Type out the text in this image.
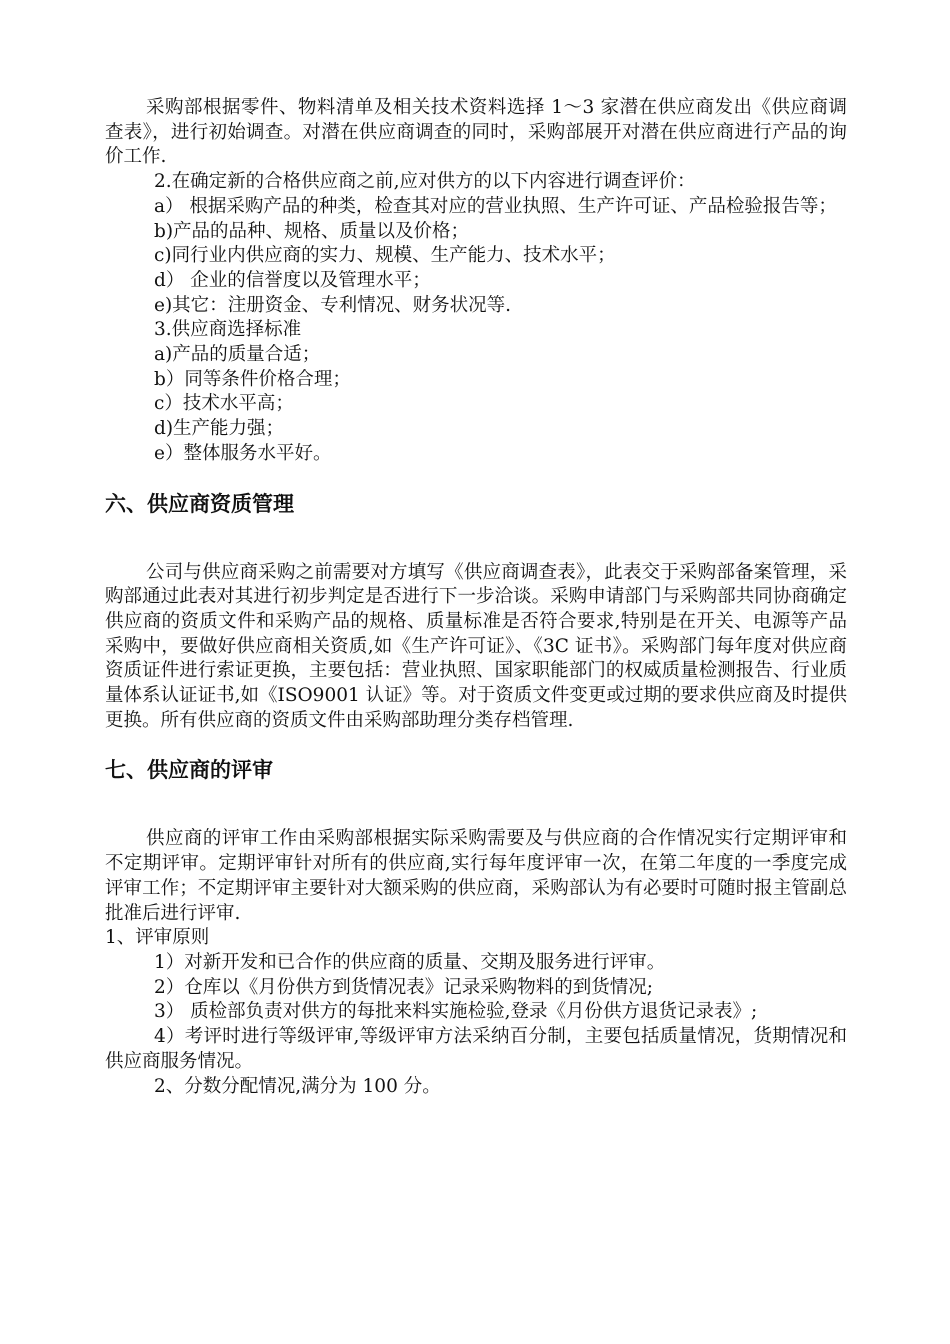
采购部根据零件、物料清单及相关技术资料选择 1～3 家潜在供应商发出《供应商调查表》，进行初始调查。对潜在供应商调查的同时，采购部展开对潜在供应商进行产品的询价工作.

2.在确定新的合格供应商之前,应对供方的以下内容进行调查评价：

a） 根据采购产品的种类，检查其对应的营业执照、生产许可证、产品检验报告等；

b)产品的品种、规格、质量以及价格；

c)同行业内供应商的实力、规模、生产能力、技术水平；

d） 企业的信誉度以及管理水平；

e)其它：注册资金、专利情况、财务状况等.

3.供应商选择标准

a)产品的质量合适；

b）同等条件价格合理；

c）技术水平高；

d)生产能力强；

e）整体服务水平好。

六、供应商资质管理

公司与供应商采购之前需要对方填写《供应商调查表》，此表交于采购部备案管理，采购部通过此表对其进行初步判定是否进行下一步洽谈。采购申请部门与采购部共同协商确定供应商的资质文件和采购产品的规格、质量标准是否符合要求,特别是在开关、电源等产品采购中，要做好供应商相关资质,如《生产许可证》、《3C 证书》。采购部门每年度对供应商资质证件进行索证更换，主要包括：营业执照、国家职能部门的权威质量检测报告、行业质量体系认证证书,如《ISO9001 认证》等。对于资质文件变更或过期的要求供应商及时提供更换。所有供应商的资质文件由采购部助理分类存档管理.

七、供应商的评审

供应商的评审工作由采购部根据实际采购需要及与供应商的合作情况实行定期评审和不定期评审。定期评审针对所有的供应商,实行每年度评审一次，在第二年度的一季度完成评审工作；不定期评审主要针对大额采购的供应商，采购部认为有必要时可随时报主管副总批准后进行评审.

1、评审原则

1）对新开发和已合作的供应商的质量、交期及服务进行评审。

2）仓库以《月份供方到货情况表》记录采购物料的到货情况;

3） 质检部负责对供方的每批来料实施检验,登录《月份供方退货记录表》;

4）考评时进行等级评审,等级评审方法采纳百分制，主要包括质量情况，货期情况和供应商服务情况。

2、分数分配情况,满分为 100 分。
